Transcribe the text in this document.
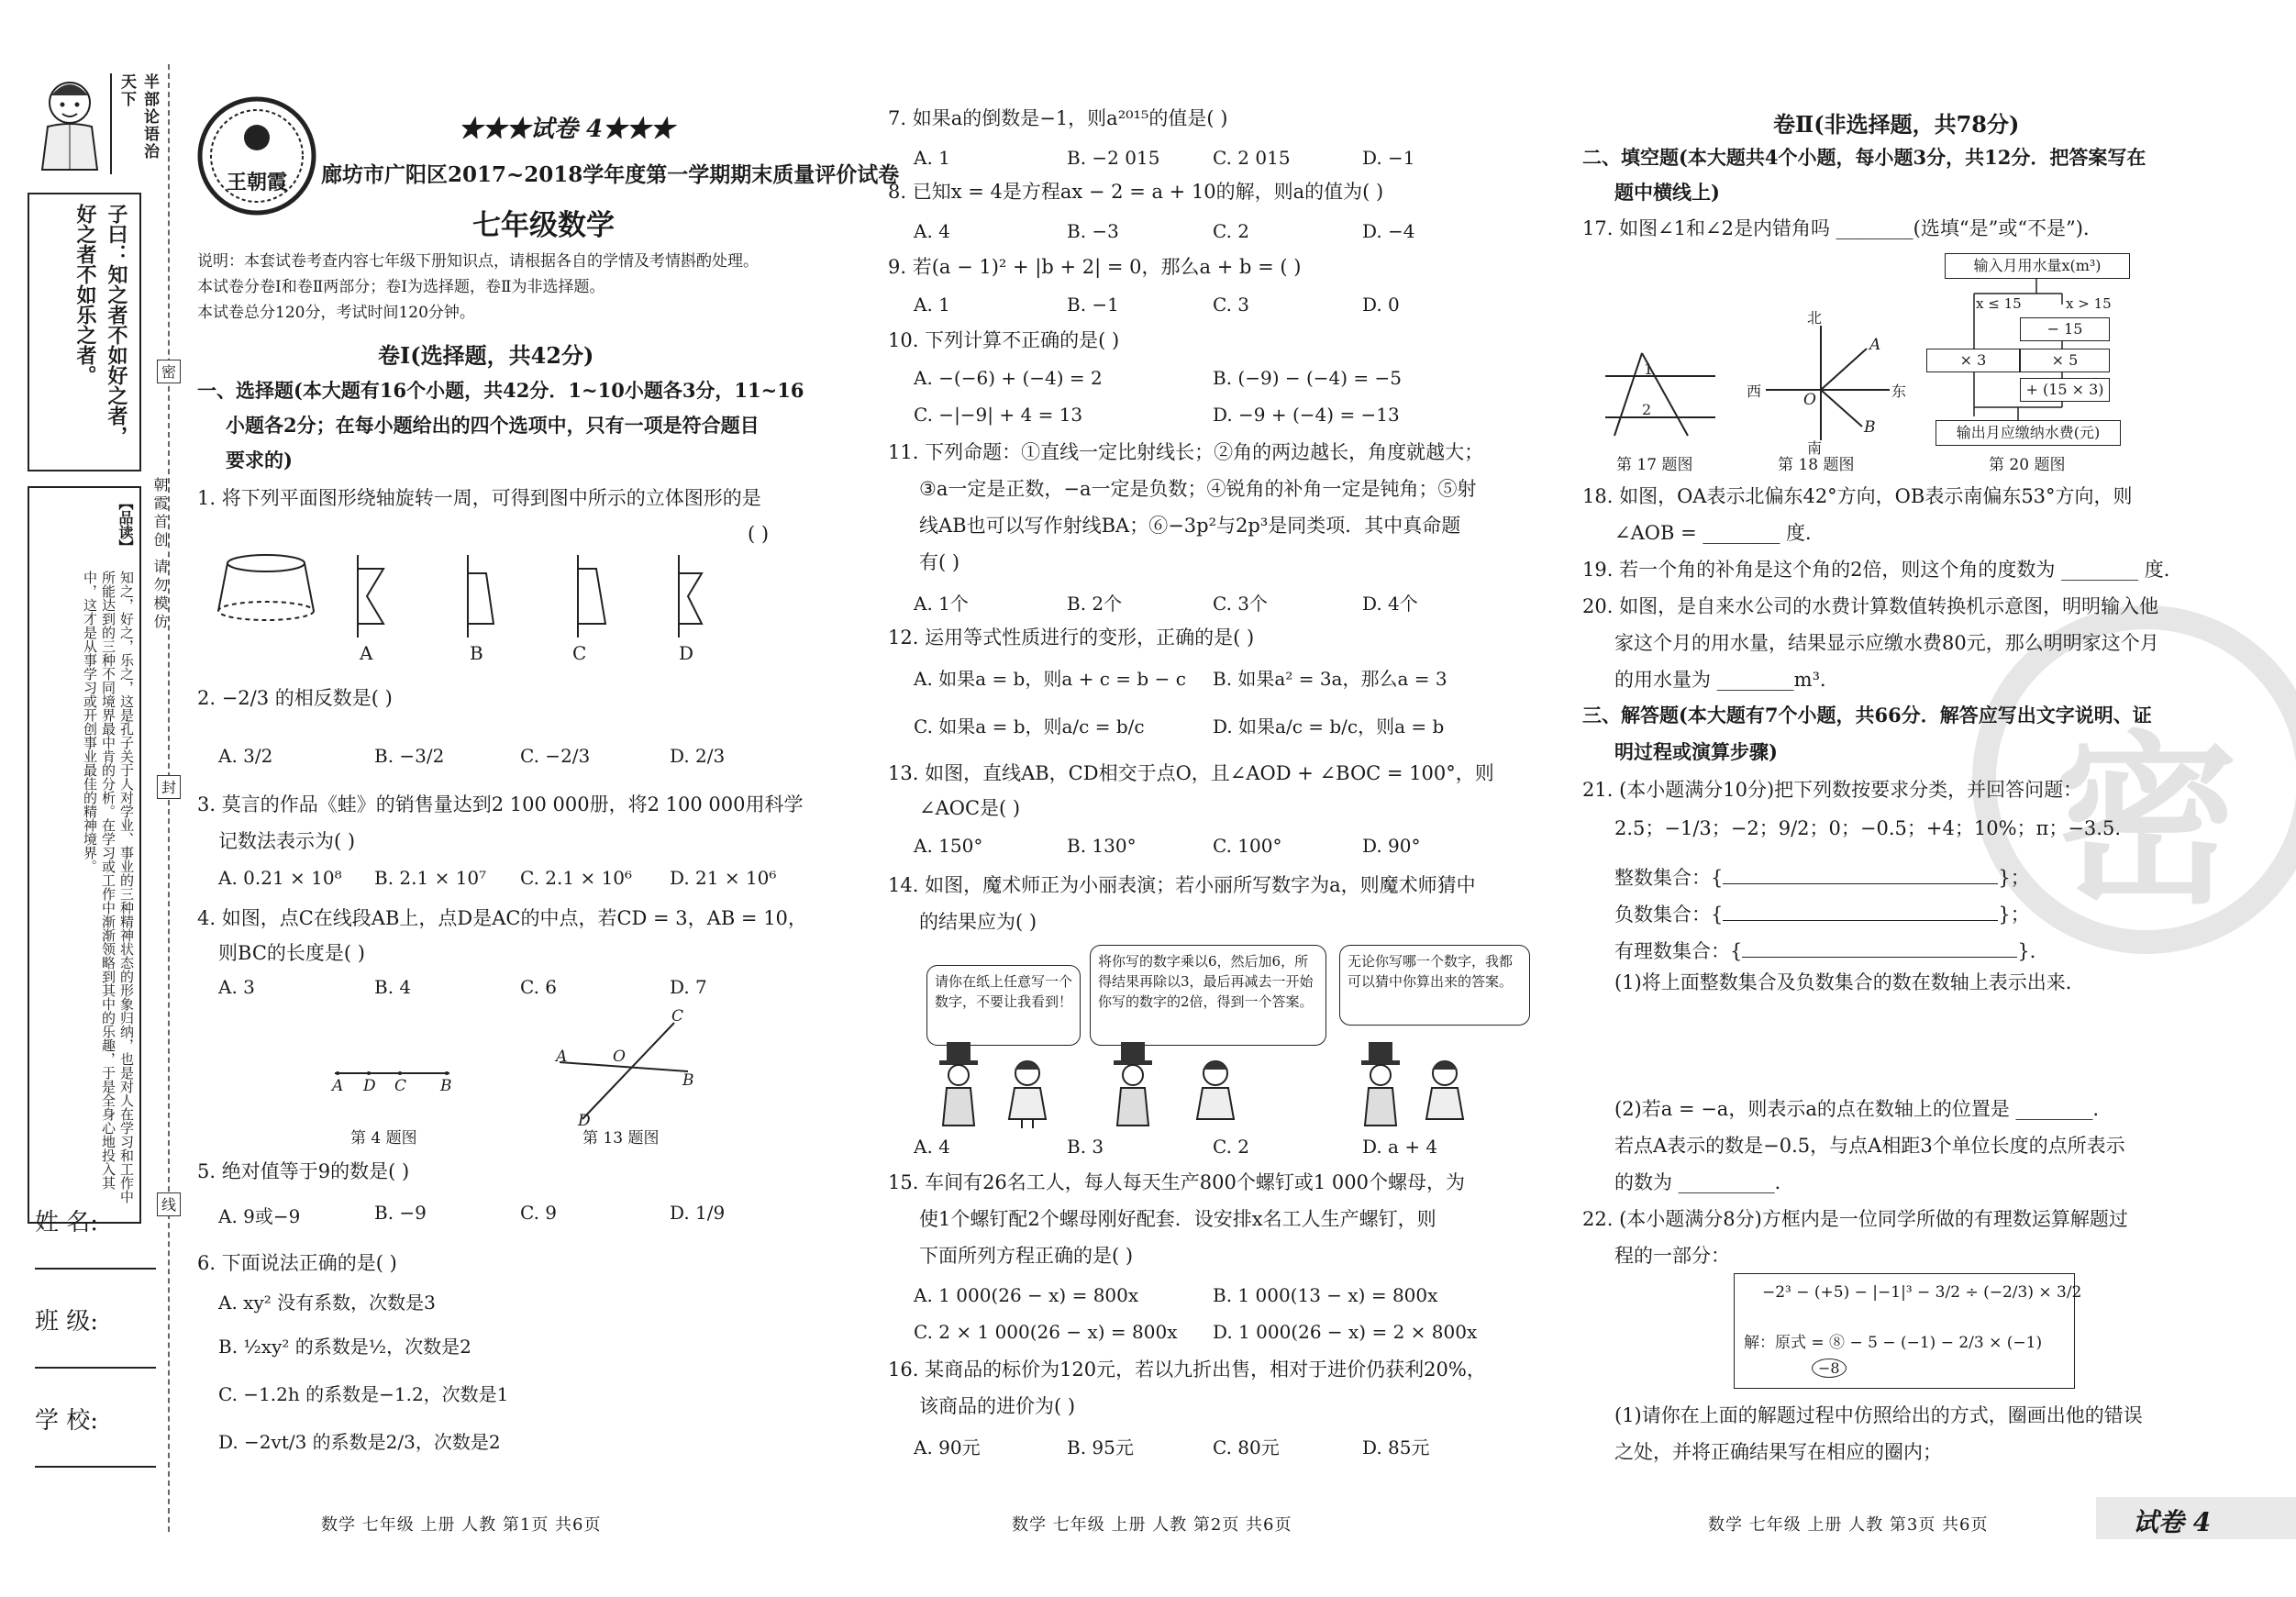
半部论语治天下
子曰：知之者不如好之者，好之者不如乐之者。
【品读】
知之，好之，乐之，这是孔子关于人对学业、事业的三种精神状态的形象归纳，也是对人在学习和工作中所能达到的三种不同境界最中肯的分析。在学习或工作中渐渐领略到其中的乐趣，于是全身心地投入其中，这才是从事学习或开创事业最佳的精神境界。
密
封
线
朝霞首创 请勿模仿
姓 名:
班 级:
学 校:
王朝霞
★★★试卷 4★★★
廊坊市广阳区2017~2018学年度第一学期期末质量评价试卷
七年级数学
说明：本套试卷考查内容七年级下册知识点，请根据各自的学情及考情斟酌处理。
本试卷分卷Ⅰ和卷Ⅱ两部分；卷Ⅰ为选择题，卷Ⅱ为非选择题。
本试卷总分120分，考试时间120分钟。
卷Ⅰ(选择题，共42分)
一、选择题(本大题有16个小题，共42分．1~10小题各3分，11~16
小题各2分；在每小题给出的四个选项中，只有一项是符合题目
要求的)
1. 将下列平面图形绕轴旋转一周，可得到图中所示的立体图形的是
( )
A	B	C	D
2. −2/3 的相反数是( )
A. 3/2	B. −3/2	C. −2/3	D. 2/3
3. 莫言的作品《蛙》的销售量达到2 100 000册，将2 100 000用科学
记数法表示为( )
A. 0.21 × 10⁸ B. 2.1 × 10⁷ C. 2.1 × 10⁶ D. 21 × 10⁶
4. 如图，点C在线段AB上，点D是AC的中点，若CD = 3，AB = 10，
则BC的长度是( )
A. 3	B. 4	C. 6	D. 7
A D C B
第 4 题图
A	O
C
B
D
第 13 题图
5. 绝对值等于9的数是( )
A. 9或−9	B. −9	C. 9	D. 1/9
6. 下面说法正确的是( )
A. xy² 没有系数，次数是3
B. ½xy² 的系数是½，次数是2
C. −1.2h 的系数是−1.2，次数是1
D. −2vt/3 的系数是2/3，次数是2
数学 七年级 上册 人教 第1页 共6页
7. 如果a的倒数是−1，则a²⁰¹⁵的值是( )
A. 1	B. −2 015	C. 2 015	D. −1
8. 已知x = 4是方程ax − 2 = a + 10的解，则a的值为( )
A. 4	B. −3	C. 2	D. −4
9. 若(a − 1)² + |b + 2| = 0，那么a + b = ( )
A. 1	B. −1	C. 3	D. 0
10. 下列计算不正确的是( )
A. −(−6) + (−4) = 2	B. (−9) − (−4) = −5
C. −|−9| + 4 = 13	D. −9 + (−4) = −13
11. 下列命题：①直线一定比射线长；②角的两边越长，角度就越大；
③a一定是正数，−a一定是负数；④锐角的补角一定是钝角；⑤射
线AB也可以写作射线BA；⑥−3p²与2p³是同类项．其中真命题
有( )
A. 1个	B. 2个	C. 3个	D. 4个
12. 运用等式性质进行的变形，正确的是( )
A. 如果a = b，则a + c = b − c B. 如果a² = 3a，那么a = 3
C. 如果a = b，则a/c = b/c	D. 如果a/c = b/c，则a = b
13. 如图，直线AB，CD相交于点O，且∠AOD + ∠BOC = 100°，则
∠AOC是( )
A. 150°	B. 130°	C. 100°	D. 90°
14. 如图，魔术师正为小丽表演；若小丽所写数字为a，则魔术师猜中
的结果应为( )
请你在纸上任意写一个数字，不要让我看到！
将你写的数字乘以6，然后加6，所得结果再除以3，最后再减去一开始你写的数字的2倍，得到一个答案。
无论你写哪一个数字，我都可以猜中你算出来的答案。
A. 4	B. 3	C. 2	D. a + 4
15. 车间有26名工人，每人每天生产800个螺钉或1 000个螺母，为
使1个螺钉配2个螺母刚好配套．设安排x名工人生产螺钉，则
下面所列方程正确的是( )
A. 1 000(26 − x) = 800x	B. 1 000(13 − x) = 800x
C. 2 × 1 000(26 − x) = 800x D. 1 000(26 − x) = 2 × 800x
16. 某商品的标价为120元，若以九折出售，相对于进价仍获利20%，
该商品的进价为( )
A. 90元	B. 95元	C. 80元	D. 85元
数学 七年级 上册 人教 第2页 共6页
密
卷Ⅱ(非选择题，共78分)
二、填空题(本大题共4个小题，每小题3分，共12分．把答案写在
题中横线上)
17. 如图∠1和∠2是内错角吗 ________(选填“是”或“不是”)．
1
2
第 17 题图
北
南
西	东
A
B
O
第 18 题图
输入月用水量x(m³)
x ≤ 15	x > 15
× 3
− 15
× 5
+ (15 × 3)
输出月应缴纳水费(元)
第 20 题图
18. 如图，OA表示北偏东42°方向，OB表示南偏东53°方向，则
∠AOB = ________ 度．
19. 若一个角的补角是这个角的2倍，则这个角的度数为 ________ 度．
20. 如图，是自来水公司的水费计算数值转换机示意图，明明输入他
家这个月的用水量，结果显示应缴水费80元，那么明明家这个月
的用水量为 ________m³．
三、解答题(本大题有7个小题，共66分．解答应写出文字说明、证
明过程或演算步骤)
21. (本小题满分10分)把下列数按要求分类，并回答问题：
2.5；−1/3；−2；9/2；0；−0.5；+4；10%；π；−3.5.
整数集合：{	}；
负数集合：{	}；
有理数集合：{	}．
(1)将上面整数集合及负数集合的数在数轴上表示出来．
(2)若a = −a，则表示a的点在数轴上的位置是 ________．
若点A表示的数是−0.5，与点A相距3个单位长度的点所表示
的数为 __________．
22. (本小题满分8分)方框内是一位同学所做的有理数运算解题过
程的一部分：
−2³ − (+5) − |−1|³ − 3/2 ÷ (−2/3) × 3/2
解：原式 = ⑧ − 5 − (−1) − 2/3 × (−1)
−8
(1)请你在上面的解题过程中仿照给出的方式，圈画出他的错误
之处，并将正确结果写在相应的圈内；
数学 七年级 上册 人教 第3页 共6页	试卷 4
